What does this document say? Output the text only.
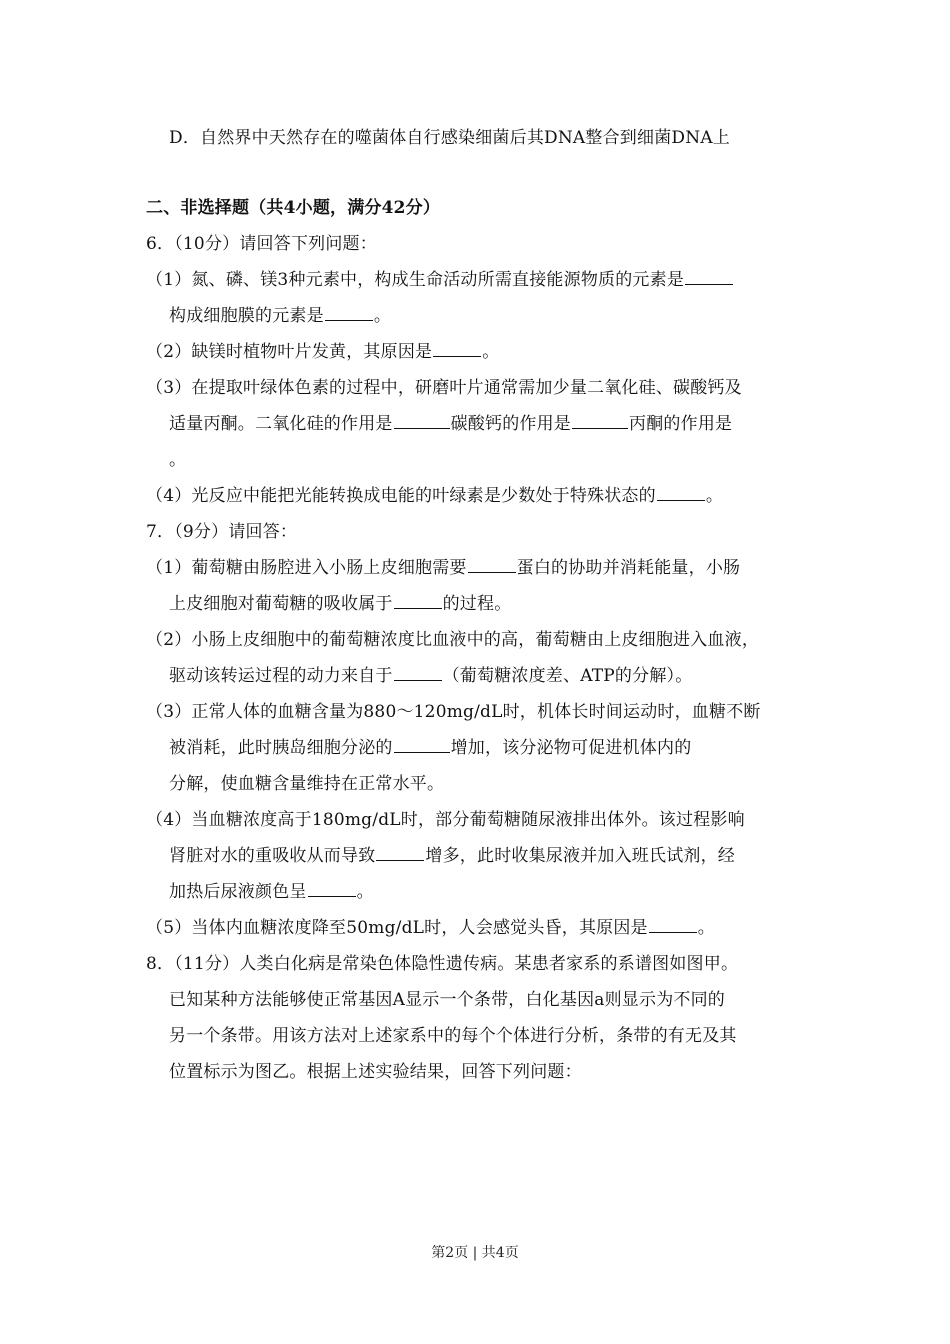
D．自然界中天然存在的噬菌体自行感染细菌后其DNA整合到细菌DNA上
二、非选择题（共4小题，满分42分）
6．（10分）请回答下列问题：
（1）氮、磷、镁3种元素中，构成生命活动所需直接能源物质的元素是
构成细胞膜的元素是	。
（2）缺镁时植物叶片发黄，其原因是	。
（3）在提取叶绿体色素的过程中，研磨叶片通常需加少量二氧化硅、碳酸钙及
适量丙酮。二氧化硅的作用是	碳酸钙的作用是	丙酮的作用是
。
（4）光反应中能把光能转换成电能的叶绿素是少数处于特殊状态的	。
7．（9分）请回答：
（1）葡萄糖由肠腔进入小肠上皮细胞需要	蛋白的协助并消耗能量，小肠
上皮细胞对葡萄糖的吸收属于	的过程。
（2）小肠上皮细胞中的葡萄糖浓度比血液中的高，葡萄糖由上皮细胞进入血液，
驱动该转运过程的动力来自于	（葡萄糖浓度差、ATP的分解）。
（3）正常人体的血糖含量为880～120mg/dL时，机体长时间运动时，血糖不断
被消耗，此时胰岛细胞分泌的	增加，该分泌物可促进机体内的
分解，使血糖含量维持在正常水平。
（4）当血糖浓度高于180mg/dL时，部分葡萄糖随尿液排出体外。该过程影响
肾脏对水的重吸收从而导致	增多，此时收集尿液并加入班氏试剂，经
加热后尿液颜色呈	。
（5）当体内血糖浓度降至50mg/dL时，人会感觉头昏，其原因是	。
8．（11分）人类白化病是常染色体隐性遗传病。某患者家系的系谱图如图甲。
已知某种方法能够使正常基因A显示一个条带，白化基因a则显示为不同的
另一个条带。用该方法对上述家系中的每个个体进行分析，条带的有无及其
位置标示为图乙。根据上述实验结果，回答下列问题：
第2页 | 共4页
